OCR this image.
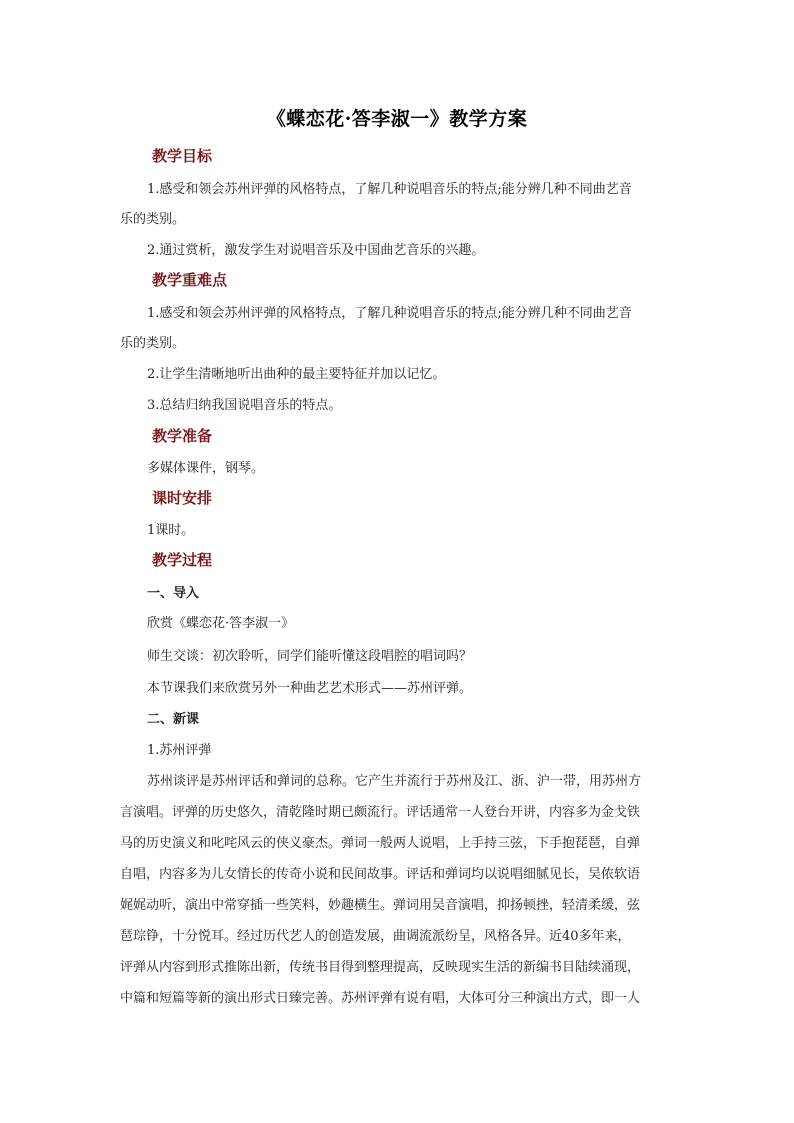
《蝶恋花·答李淑一》教学方案
教学目标
1.感受和领会苏州评弹的风格特点，了解几种说唱音乐的特点;能分辨几种不同曲艺音
乐的类别。
2.通过赏析，激发学生对说唱音乐及中国曲艺音乐的兴趣。
教学重难点
1.感受和领会苏州评弹的风格特点，了解几种说唱音乐的特点;能分辨几种不同曲艺音
乐的类别。
2.让学生清晰地听出曲种的最主要特征并加以记忆。
3.总结归纳我国说唱音乐的特点。
教学准备
多媒体课件，钢琴。
课时安排
1课时。
教学过程
一、导入
欣赏《蝶恋花·答李淑一》
师生交谈：初次聆听，同学们能听懂这段唱腔的唱词吗？
本节课我们来欣赏另外一种曲艺艺术形式——苏州评弹。
二、新课
1.苏州评弹
苏州谈评是苏州评话和弹词的总称。它产生并流行于苏州及江、浙、沪一带，用苏州方
言演唱。评弹的历史悠久，清乾隆时期已颇流行。评话通常一人登台开讲，内容多为金戈铁
马的历史演义和叱咤风云的侠义豪杰。弹词一般两人说唱，上手持三弦，下手抱琵琶，自弹
自唱，内容多为儿女情长的传奇小说和民间故事。评话和弹词均以说唱细腻见长，吴侬软语
娓娓动听，演出中常穿插一些笑料，妙趣横生。弹词用吴音演唱，抑扬顿挫，轻清柔缓，弦
琶琮铮，十分悦耳。经过历代艺人的创造发展，曲调流派纷呈，风格各异。近40多年来，
评弹从内容到形式推陈出新，传统书目得到整理提高，反映现实生活的新编书目陆续涌现，
中篇和短篇等新的演出形式日臻完善。苏州评弹有说有唱，大体可分三种演出方式，即一人
